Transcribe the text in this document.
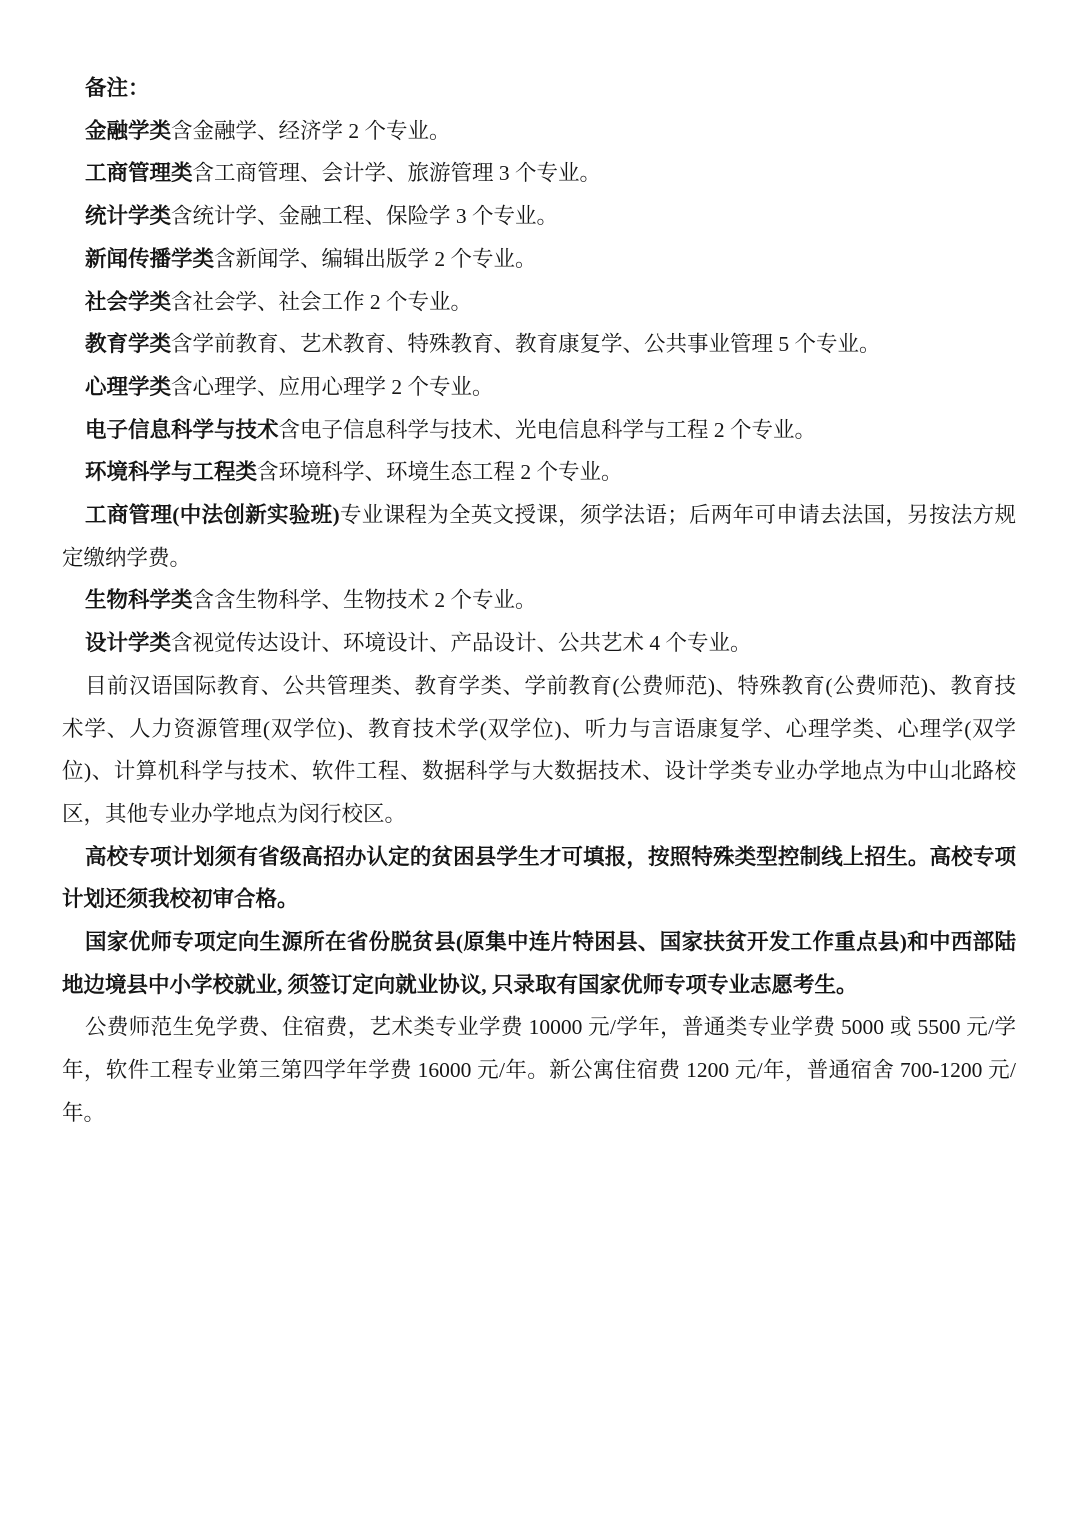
备注：

金融学类含金融学、经济学 2 个专业。

工商管理类含工商管理、会计学、旅游管理 3 个专业。

统计学类含统计学、金融工程、保险学 3 个专业。

新闻传播学类含新闻学、编辑出版学 2 个专业。

社会学类含社会学、社会工作 2 个专业。

教育学类含学前教育、艺术教育、特殊教育、教育康复学、公共事业管理 5 个专业。

心理学类含心理学、应用心理学 2 个专业。

电子信息科学与技术含电子信息科学与技术、光电信息科学与工程 2 个专业。

环境科学与工程类含环境科学、环境生态工程 2 个专业。

工商管理(中法创新实验班)专业课程为全英文授课，须学法语；后两年可申请去法国，另按法方规定缴纳学费。

生物科学类含含生物科学、生物技术 2 个专业。

设计学类含视觉传达设计、环境设计、产品设计、公共艺术 4 个专业。

目前汉语国际教育、公共管理类、教育学类、学前教育(公费师范)、特殊教育(公费师范)、教育技术学、人力资源管理(双学位)、教育技术学(双学位)、听力与言语康复学、心理学类、心理学(双学位)、计算机科学与技术、软件工程、数据科学与大数据技术、设计学类专业办学地点为中山北路校区，其他专业办学地点为闵行校区。

高校专项计划须有省级高招办认定的贫困县学生才可填报，按照特殊类型控制线上招生。高校专项计划还须我校初审合格。

国家优师专项定向生源所在省份脱贫县(原集中连片特困县、国家扶贫开发工作重点县)和中西部陆地边境县中小学校就业, 须签订定向就业协议, 只录取有国家优师专项专业志愿考生。

公费师范生免学费、住宿费，艺术类专业学费 10000 元/学年，普通类专业学费 5000 或 5500 元/学年，软件工程专业第三第四学年学费 16000 元/年。新公寓住宿费 1200 元/年，普通宿舍 700-1200 元/年。
